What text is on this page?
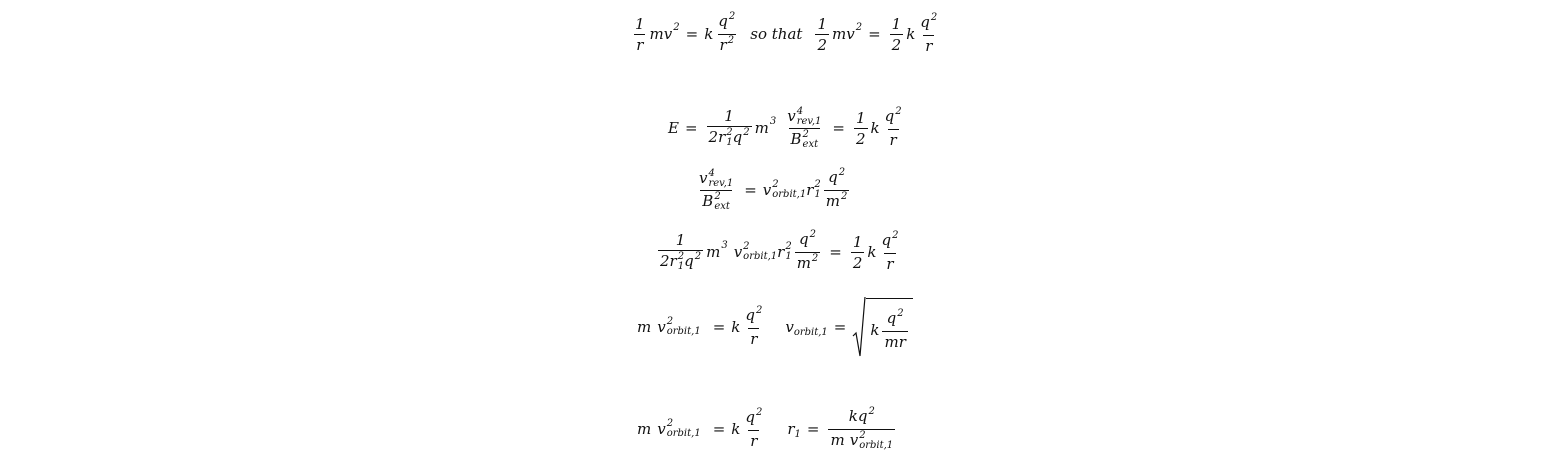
$\frac{1}{r}$ mv 2 = k $\frac{q^2}{r^2}$ so that $\frac{1}{2}$ mv $2 = \frac{1}{2}$ k $\frac{q^2}{r}$
E = 1
2r 2
1 $q^2$ m 3 v 4
rev,1
B 2
ext = $\frac{1}{2}$ k $\frac{q^2}{r}$
v 4
rev,1
B 2
ext = v 2
orbit,1 r 2
$1 \frac{q^2}{m^2}$
1
2r 2
1 $q^2$ m 3 v 2
orbit,1 r 2
$1 \frac{q^2}{m^2} = \frac{1}{2}$ k $\frac{q^2}{r}$
m v 2
orbit,1 = k $\frac{q^2}{r}$ v orbit,1 = k $\frac{q^2}{mr}$
m v 2
orbit,1 = k $\frac{q^2}{r}$ r $1 = kq^2$
m v 2
orbit,1
